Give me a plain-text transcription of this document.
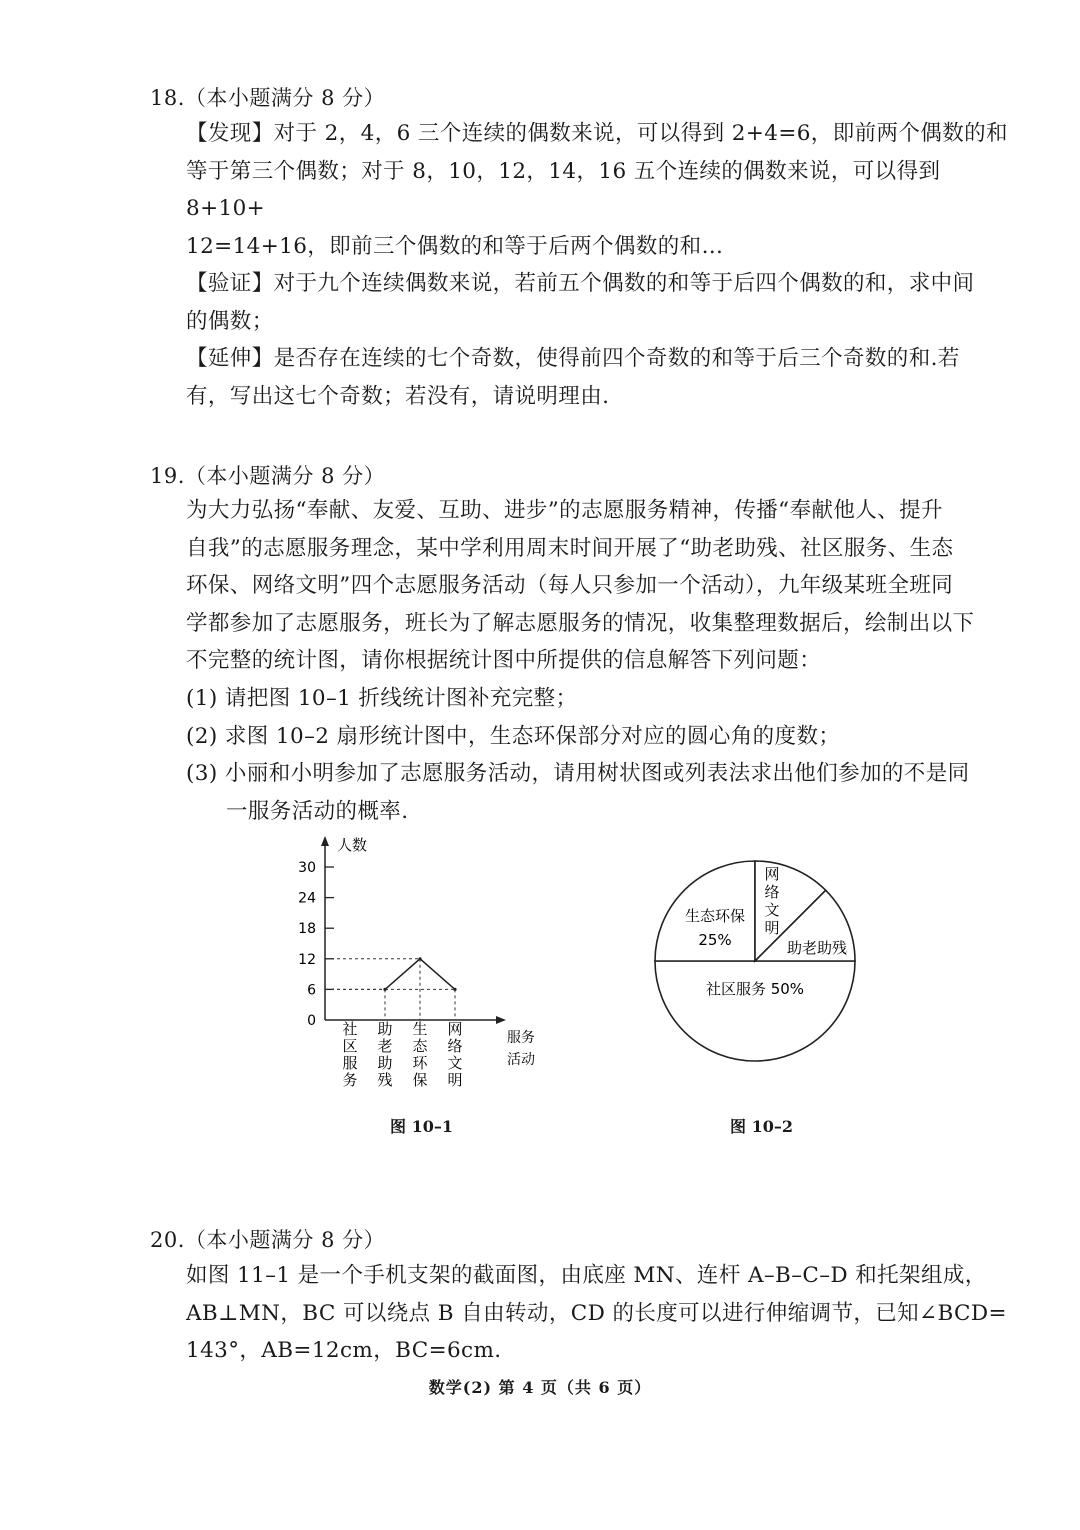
18.（本小题满分 8 分）

【发现】对于 2，4，6 三个连续的偶数来说，可以得到 2+4=6，即前两个偶数的和

等于第三个偶数；对于 8，10，12，14，16 五个连续的偶数来说，可以得到 8+10+

12=14+16，即前三个偶数的和等于后两个偶数的和…

【验证】对于九个连续偶数来说，若前五个偶数的和等于后四个偶数的和，求中间

的偶数；

【延伸】是否存在连续的七个奇数，使得前四个奇数的和等于后三个奇数的和.若

有，写出这七个奇数；若没有，请说明理由.

19.（本小题满分 8 分）

为大力弘扬“奉献、友爱、互助、进步”的志愿服务精神，传播“奉献他人、提升

自我”的志愿服务理念，某中学利用周末时间开展了“助老助残、社区服务、生态

环保、网络文明”四个志愿服务活动（每人只参加一个活动），九年级某班全班同

学都参加了志愿服务，班长为了解志愿服务的情况，收集整理数据后，绘制出以下

不完整的统计图，请你根据统计图中所提供的信息解答下列问题：

(1) 请把图 10–1 折线统计图补充完整；
(2) 求图 10–2 扇形统计图中，生态环保部分对应的圆心角的度数；
(3) 小丽和小明参加了志愿服务活动，请用树状图或列表法求出他们参加的不是同
一服务活动的概率.
人数
0
6
12
18
24
30
社区服务
助老助残
生态环保
网络文明
服务活动
图 10–1
社区服务 50%
生态环保
25%
网络文明
助老助残
图 10–2
20.（本小题满分 8 分）

如图 11–1 是一个手机支架的截面图，由底座 MN、连杆 A–B–C–D 和托架组成，

AB⊥MN，BC 可以绕点 B 自由转动，CD 的长度可以进行伸缩调节，已知∠BCD=

143°，AB=12cm，BC=6cm.

数学(2) 第 4 页（共 6 页）
